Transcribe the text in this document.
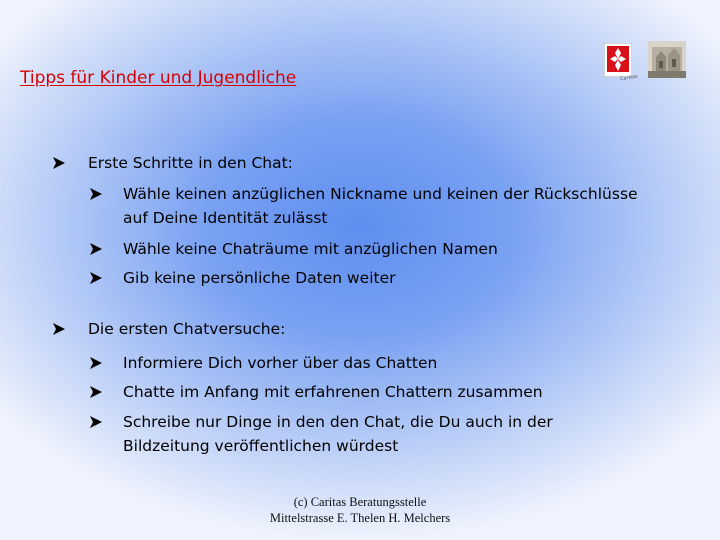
Tipps für Kinder und Jugendliche	Caritas
Erste Schritte in den Chat:
Wähle keinen anzüglichen Nickname und keinen der Rückschlüsse
auf Deine Identität zulässt
Wähle keine Chaträume mit anzüglichen Namen
Gib keine persönliche Daten weiter
Die ersten Chatversuche:
Informiere Dich vorher über das Chatten
Chatte im Anfang mit erfahrenen Chattern zusammen
Schreibe nur Dinge in den den Chat, die Du auch in der
Bildzeitung veröffentlichen würdest
(c) Caritas Beratungsstelle
Mittelstrasse E. Thelen H. Melchers
